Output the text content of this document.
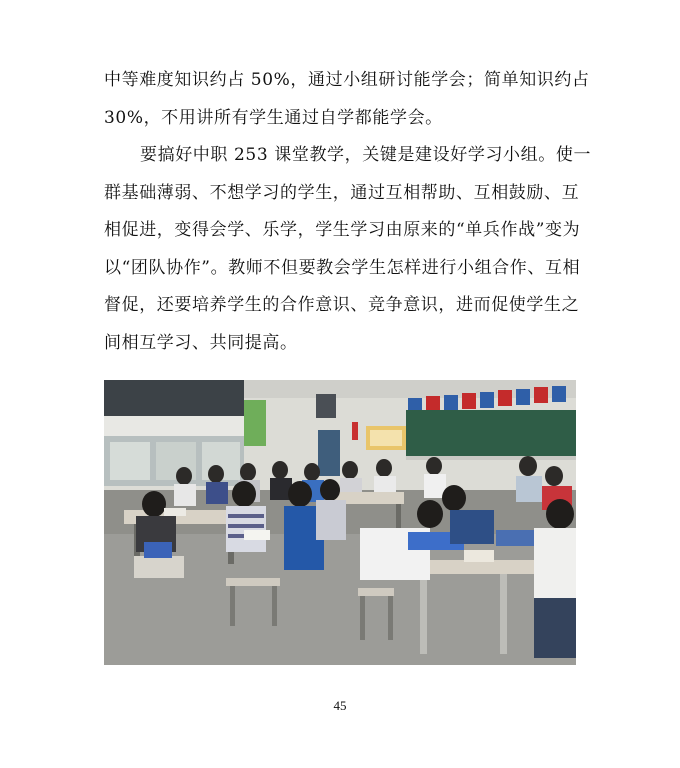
中等难度知识约占 50%，通过小组研讨能学会；简单知识约占
30%，不用讲所有学生通过自学都能学会。
要搞好中职 253 课堂教学，关键是建设好学习小组。使一
群基础薄弱、不想学习的学生，通过互相帮助、互相鼓励、互
相促进，变得会学、乐学，学生学习由原来的“单兵作战”变为
以“团队协作”。教师不但要教会学生怎样进行小组合作、互相
督促，还要培养学生的合作意识、竞争意识，进而促使学生之
间相互学习、共同提高。
45
